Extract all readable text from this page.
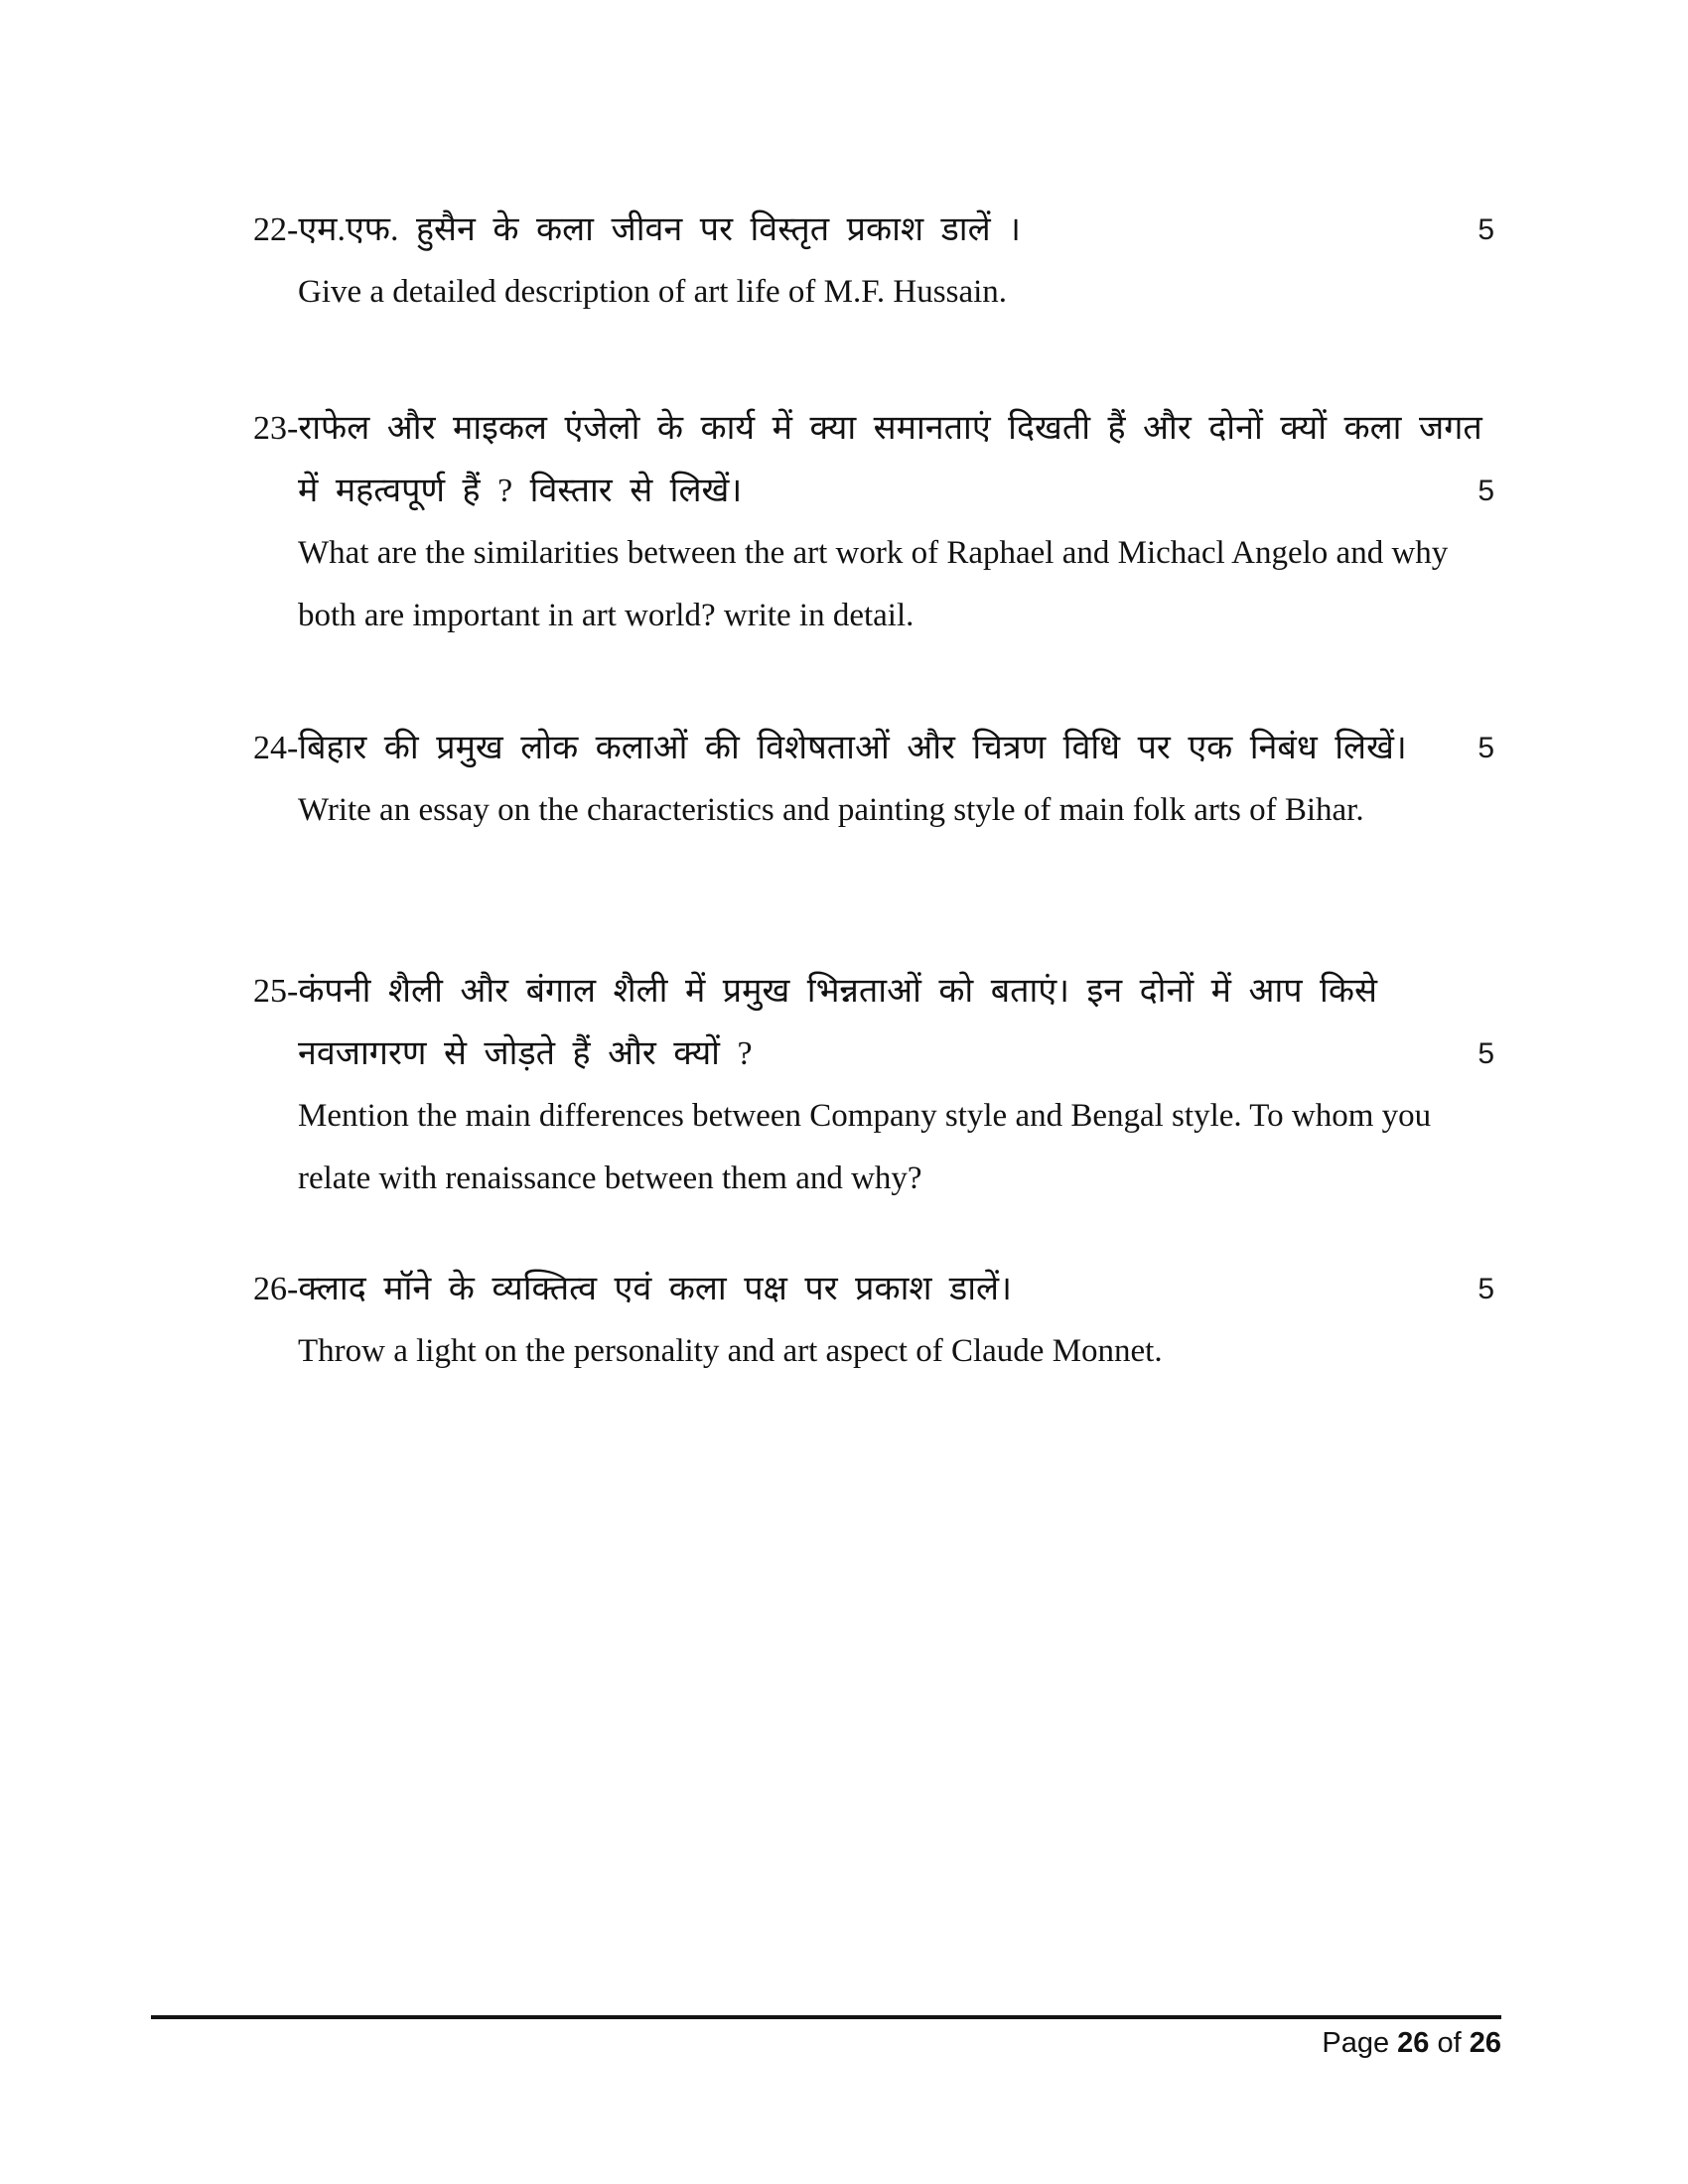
22-एम.एफ. हुसैन के कला जीवन पर विस्तृत प्रकाश डालें ।	5
Give a detailed description of art life of M.F. Hussain.
23-राफेल और माइकल एंजेलो के कार्य में क्या समानताएं दिखती हैं और दोनों क्यों कला जगत
में महत्वपूर्ण हैं ? विस्तार से लिखें।	5
What are the similarities between the art work of Raphael and Michacl Angelo and why
both are important in art world? write in detail.
24-बिहार की प्रमुख लोक कलाओं की विशेषताओं और चित्रण विधि पर एक निबंध लिखें। 5
Write an essay on the characteristics and painting style of main folk arts of Bihar.
25-कंपनी शैली और बंगाल शैली में प्रमुख भिन्नताओं को बताएं। इन दोनों में आप किसे
नवजागरण से जोड़ते हैं और क्यों ?	5
Mention the main differences between Company style and Bengal style. To whom you
relate with renaissance between them and why?
26-क्लाद मॉने के व्यक्तित्व एवं कला पक्ष पर प्रकाश डालें।	5
Throw a light on the personality and art aspect of Claude Monnet.
Page 26 of 26
